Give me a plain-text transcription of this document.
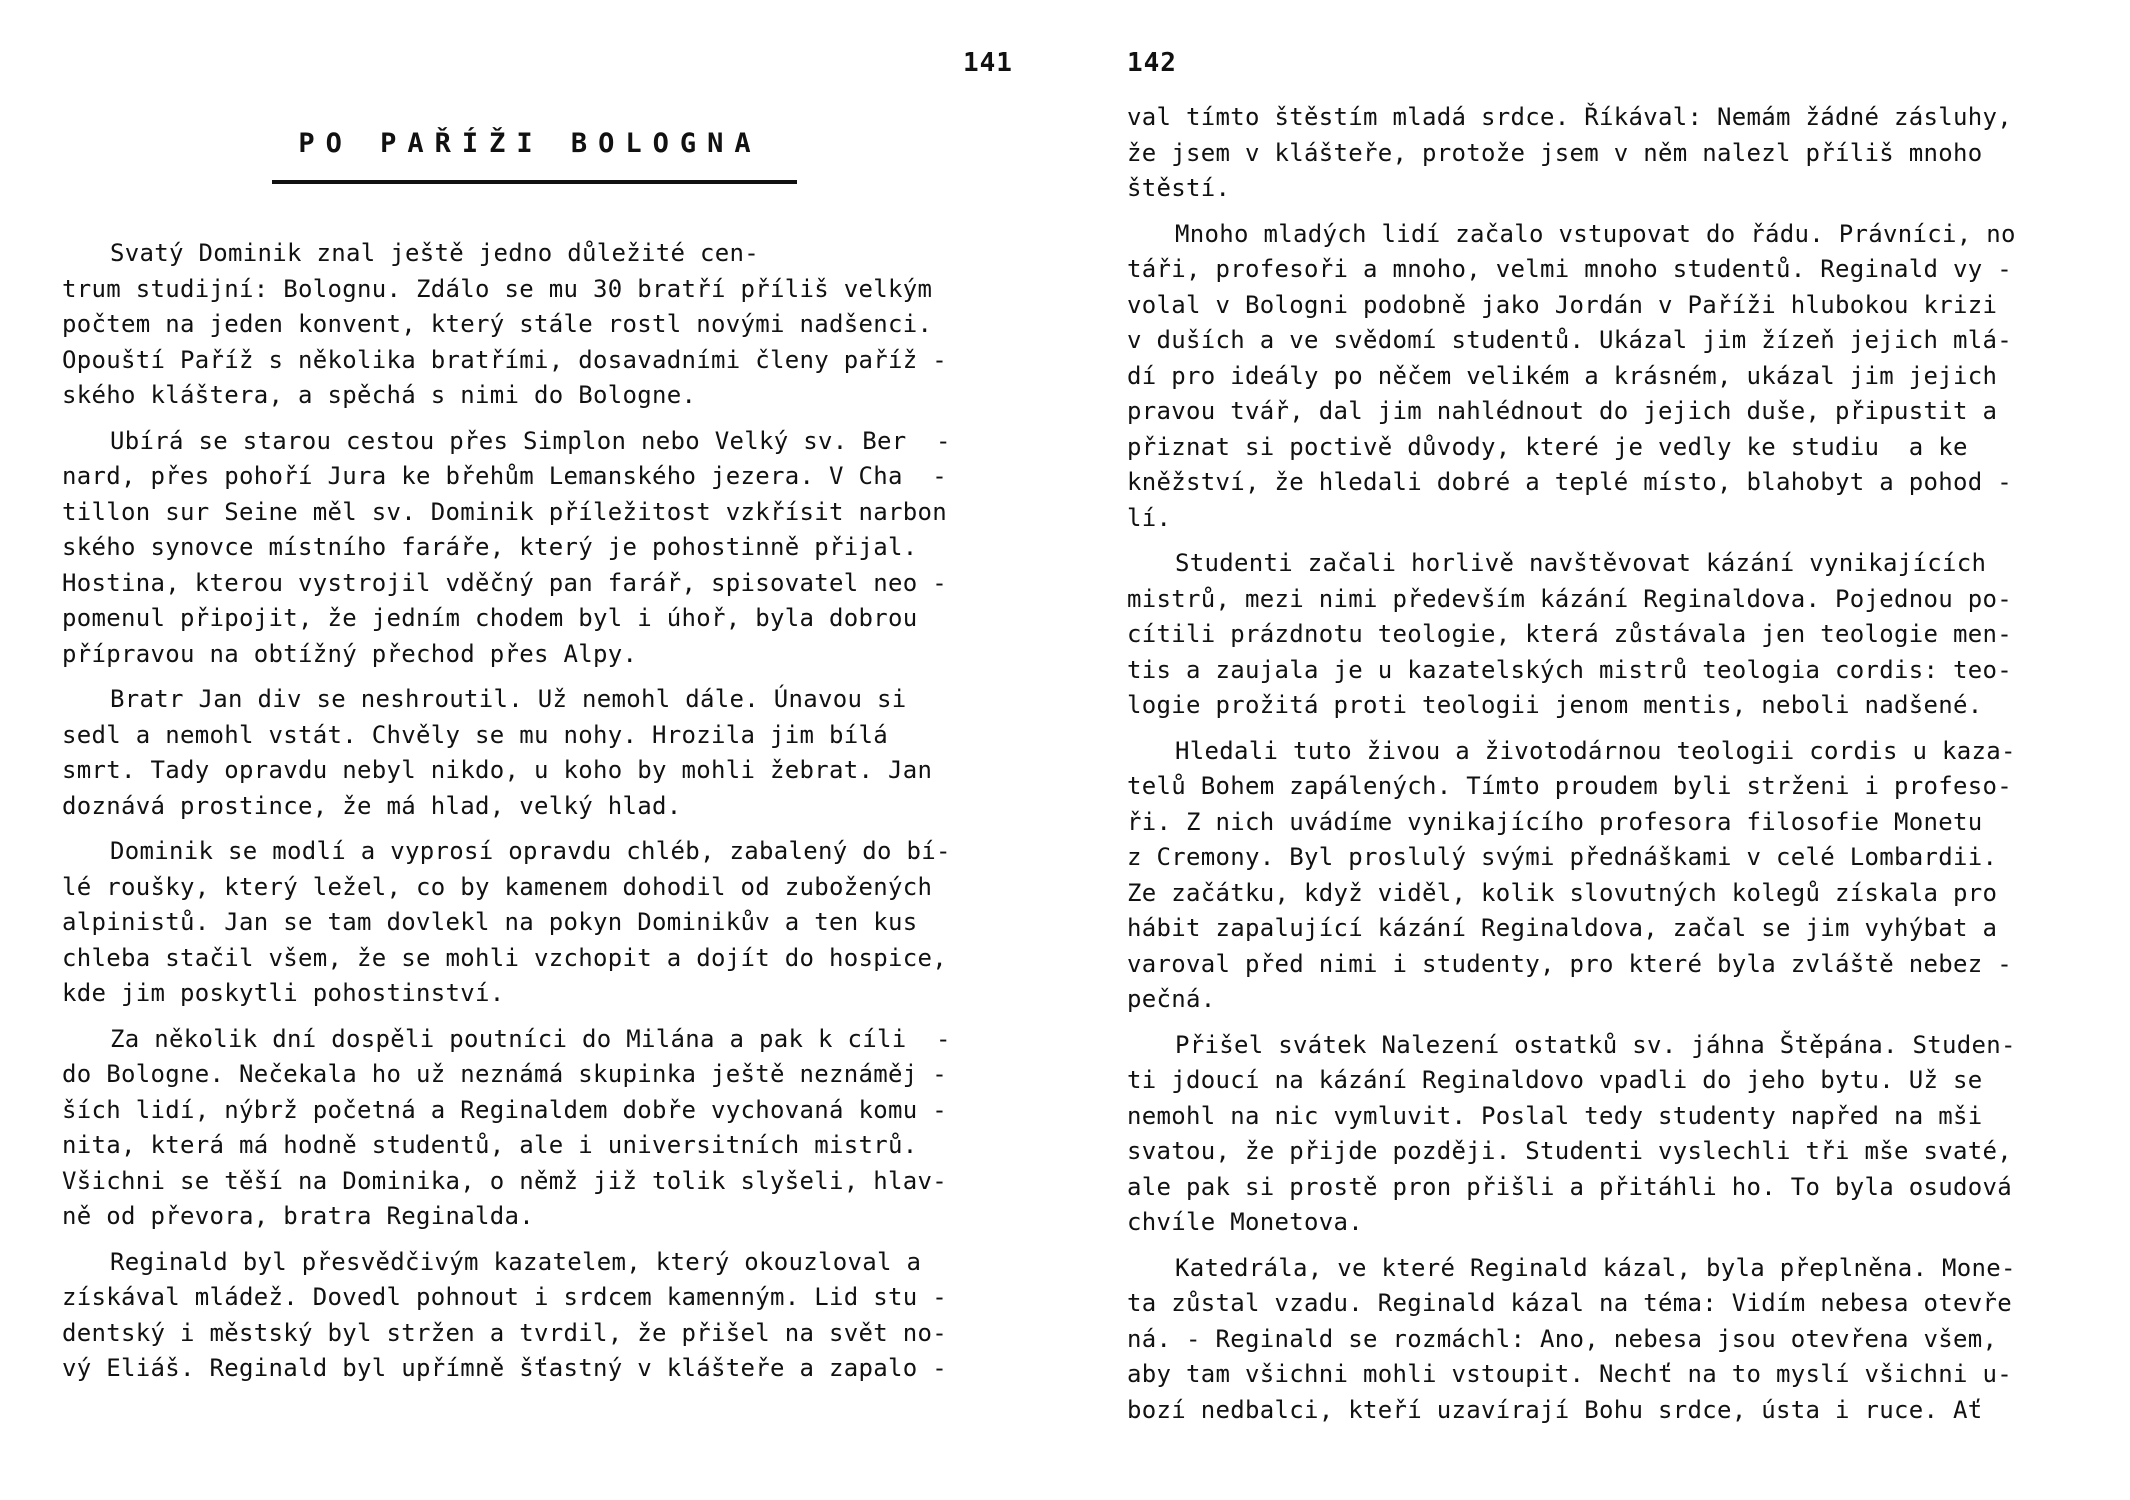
141
PO PAŘÍŽI BOLOGNA
Svatý Dominik znal ještě jedno důležité cen-
trum studijní: Bolognu. Zdálo se mu 30 bratří příliš velkým
počtem na jeden konvent, který stále rostl novými nadšenci.
Opouští Paříž s několika bratřími, dosavadními členy paříž -
ského kláštera, a spěchá s nimi do Bologne.
Ubírá se starou cestou přes Simplon nebo Velký sv. Ber  -
nard, přes pohoří Jura ke břehům Lemanského jezera. V Cha  -
tillon sur Seine měl sv. Dominik příležitost vzkřísit narbon
ského synovce místního faráře, který je pohostinně přijal.
Hostina, kterou vystrojil vděčný pan farář, spisovatel neo -
pomenul připojit, že jedním chodem byl i úhoř, byla dobrou
přípravou na obtížný přechod přes Alpy.
Bratr Jan div se neshroutil. Už nemohl dále. Únavou si
sedl a nemohl vstát. Chvěly se mu nohy. Hrozila jim bílá
smrt. Tady opravdu nebyl nikdo, u koho by mohli žebrat. Jan
doznává prostince, že má hlad, velký hlad.
Dominik se modlí a vyprosí opravdu chléb, zabalený do bí-
lé roušky, který ležel, co by kamenem dohodil od zubožených
alpinistů. Jan se tam dovlekl na pokyn Dominikův a ten kus
chleba stačil všem, že se mohli vzchopit a dojít do hospice,
kde jim poskytli pohostinství.
Za několik dní dospěli poutníci do Milána a pak k cíli  -
do Bologne. Nečekala ho už neznámá skupinka ještě neznáměj -
ších lidí, nýbrž početná a Reginaldem dobře vychovaná komu -
nita, která má hodně studentů, ale i universitních mistrů.
Všichni se těší na Dominika, o němž již tolik slyšeli, hlav-
ně od převora, bratra Reginalda.
Reginald byl přesvědčivým kazatelem, který okouzloval a
získával mládež. Dovedl pohnout i srdcem kamenným. Lid stu -
dentský i městský byl stržen a tvrdil, že přišel na svět no-
vý Eliáš. Reginald byl upřímně šťastný v klášteře a zapalo -
142
val tímto štěstím mladá srdce. Říkával: Nemám žádné zásluhy,
že jsem v klášteře, protože jsem v něm nalezl příliš mnoho
štěstí.
Mnoho mladých lidí začalo vstupovat do řádu. Právníci, no
táři, profesoři a mnoho, velmi mnoho studentů. Reginald vy -
volal v Bologni podobně jako Jordán v Paříži hlubokou krizi
v duších a ve svědomí studentů. Ukázal jim žízeň jejich mlá-
dí pro ideály po něčem velikém a krásném, ukázal jim jejich
pravou tvář, dal jim nahlédnout do jejich duše, připustit a
přiznat si poctivě důvody, které je vedly ke studiu  a ke
kněžství, že hledali dobré a teplé místo, blahobyt a pohod -
lí.
Studenti začali horlivě navštěvovat kázání vynikajících
mistrů, mezi nimi především kázání Reginaldova. Pojednou po-
cítili prázdnotu teologie, která zůstávala jen teologie men-
tis a zaujala je u kazatelských mistrů teologia cordis: teo-
logie prožitá proti teologii jenom mentis, neboli nadšené.
Hledali tuto živou a životodárnou teologii cordis u kaza-
telů Bohem zapálených. Tímto proudem byli strženi i profeso-
ři. Z nich uvádíme vynikajícího profesora filosofie Monetu
z Cremony. Byl proslulý svými přednáškami v celé Lombardii.
Ze začátku, když viděl, kolik slovutných kolegů získala pro
hábit zapalující kázání Reginaldova, začal se jim vyhýbat a
varoval před nimi i studenty, pro které byla zvláště nebez -
pečná.
Přišel svátek Nalezení ostatků sv. jáhna Štěpána. Studen-
ti jdoucí na kázání Reginaldovo vpadli do jeho bytu. Už se
nemohl na nic vymluvit. Poslal tedy studenty napřed na mši
svatou, že přijde později. Studenti vyslechli tři mše svaté,
ale pak si prostě pron přišli a přitáhli ho. To byla osudová
chvíle Monetova.
Katedrála, ve které Reginald kázal, byla přeplněna. Mone-
ta zůstal vzadu. Reginald kázal na téma: Vidím nebesa otevře
ná. - Reginald se rozmáchl: Ano, nebesa jsou otevřena všem,
aby tam všichni mohli vstoupit. Nechť na to myslí všichni u-
bozí nedbalci, kteří uzavírají Bohu srdce, ústa i ruce. Ať
